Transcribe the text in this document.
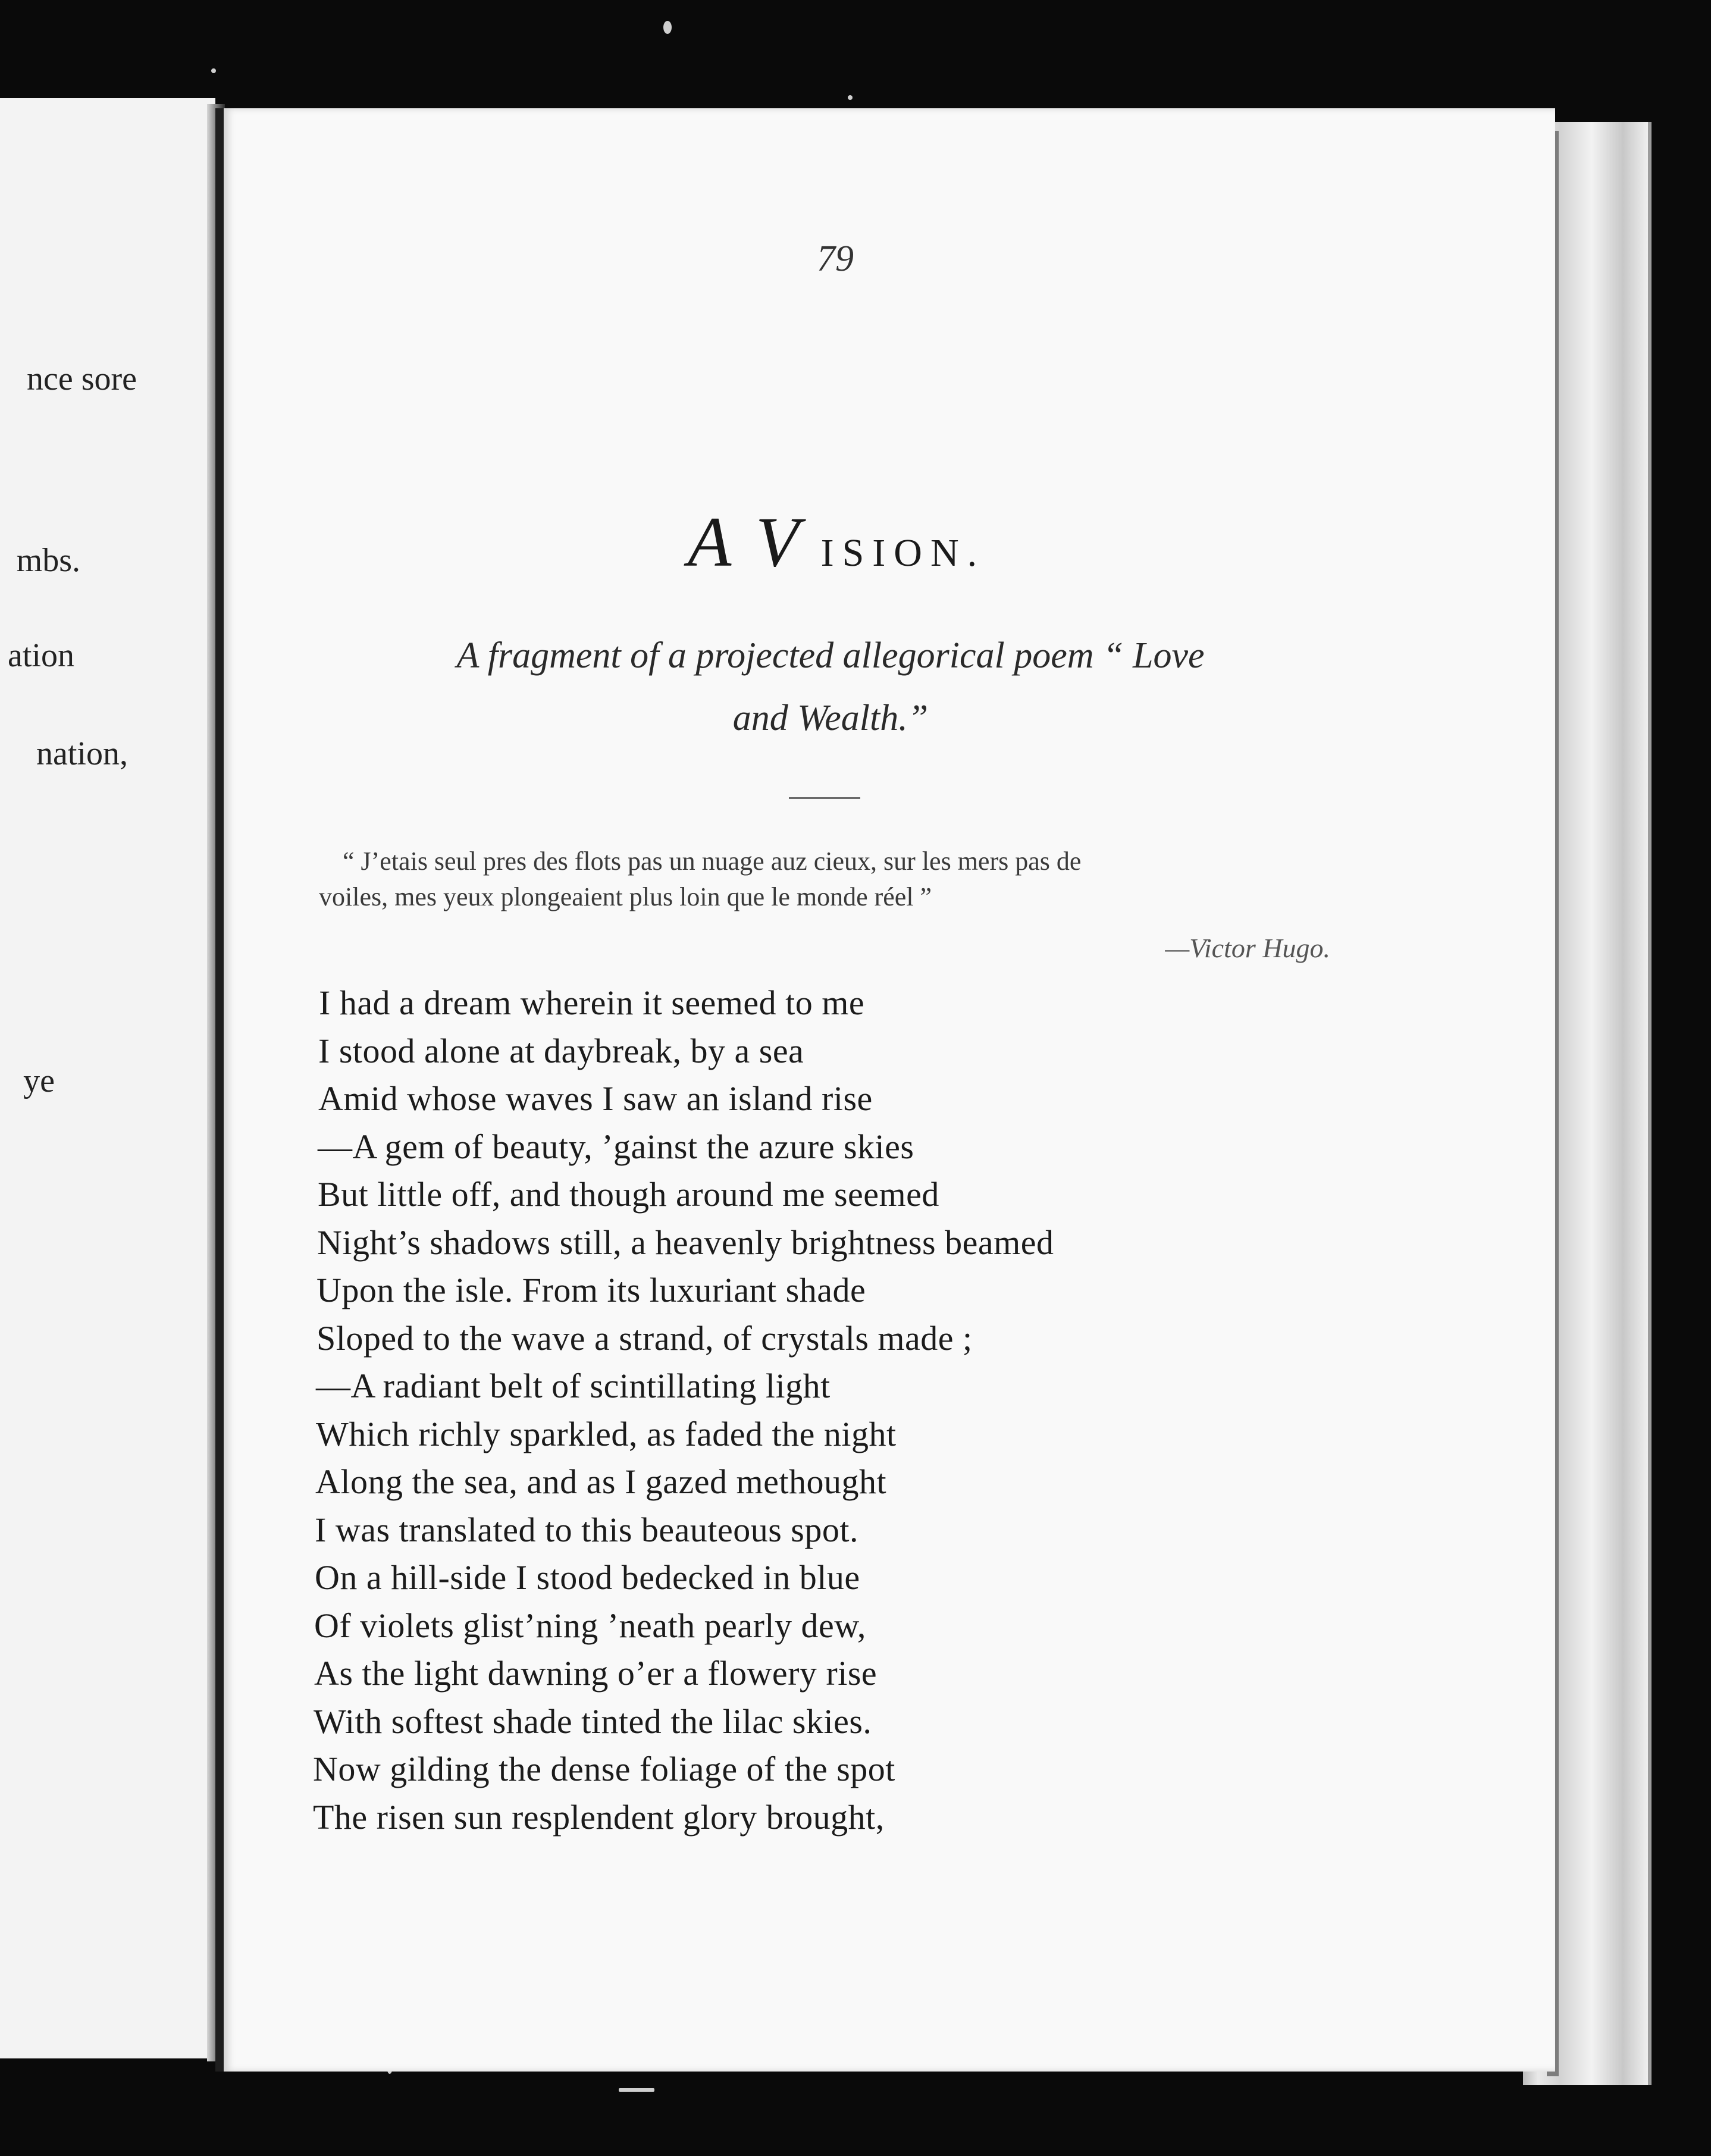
nce sore
mbs.
ation
nation,
ye
79
A V ISION.
A fragment of a projected allegorical poem “ Love
and Wealth.”
“ J’etais seul pres des flots pas un nuage auz cieux, sur les mers pas de
voiles, mes yeux plongeaient plus loin que le monde réel ”
—Victor Hugo.
I had a dream wherein it seemed to me
I stood alone at daybreak, by a sea
Amid whose waves I saw an island rise
—A gem of beauty, ’gainst the azure skies
But little off, and though around me seemed
Night’s shadows still, a heavenly brightness beamed
Upon the isle. From its luxuriant shade
Sloped to the wave a strand, of crystals made ;
—A radiant belt of scintillating light
Which richly sparkled, as faded the night
Along the sea, and as I gazed methought
I was translated to this beauteous spot.
On a hill-side I stood bedecked in blue
Of violets glist’ning ’neath pearly dew,
As the light dawning o’er a flowery rise
With softest shade tinted the lilac skies.
Now gilding the dense foliage of the spot
The risen sun resplendent glory brought,
